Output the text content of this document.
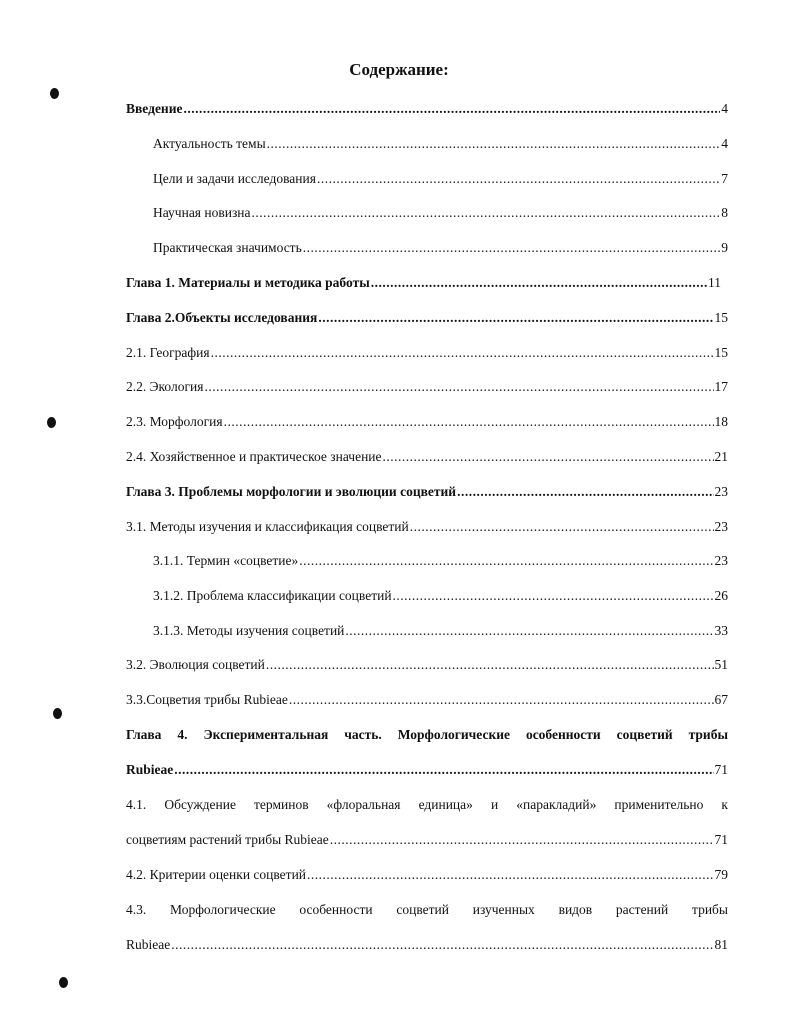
Содержание:
Введение .....	4
Актуальность темы .....	4
Цели и задачи исследования .....	7
Научная новизна .....	8
Практическая значимость .....	9
Глава 1. Материалы и методика работы .....	11
Глава 2.Объекты исследования .....	15
2.1. География .....	15
2.2. Экология .....	17
2.3. Морфология .....	18
2.4. Хозяйственное и практическое значение .....	21
Глава 3. Проблемы морфологии и эволюции соцветий .....	23
3.1. Методы изучения и классификация соцветий .....	23
3.1.1. Термин «соцветие» .....	23
3.1.2. Проблема классификации соцветий .....	26
3.1.3. Методы изучения соцветий .....	33
3.2. Эволюция соцветий .....	51
3.3.Соцветия трибы Rubieae .....	67
Глава 4. Экспериментальная часть. Морфологические особенности соцветий трибы
Rubieae .....	71
4.1. Обсуждение терминов «флоральная единица» и «паракладий» применительно к
соцветиям растений трибы Rubieae .....	71
4.2. Критерии оценки соцветий .....	79
4.3. Морфологические особенности соцветий изученных видов растений трибы
Rubieae .....	81
